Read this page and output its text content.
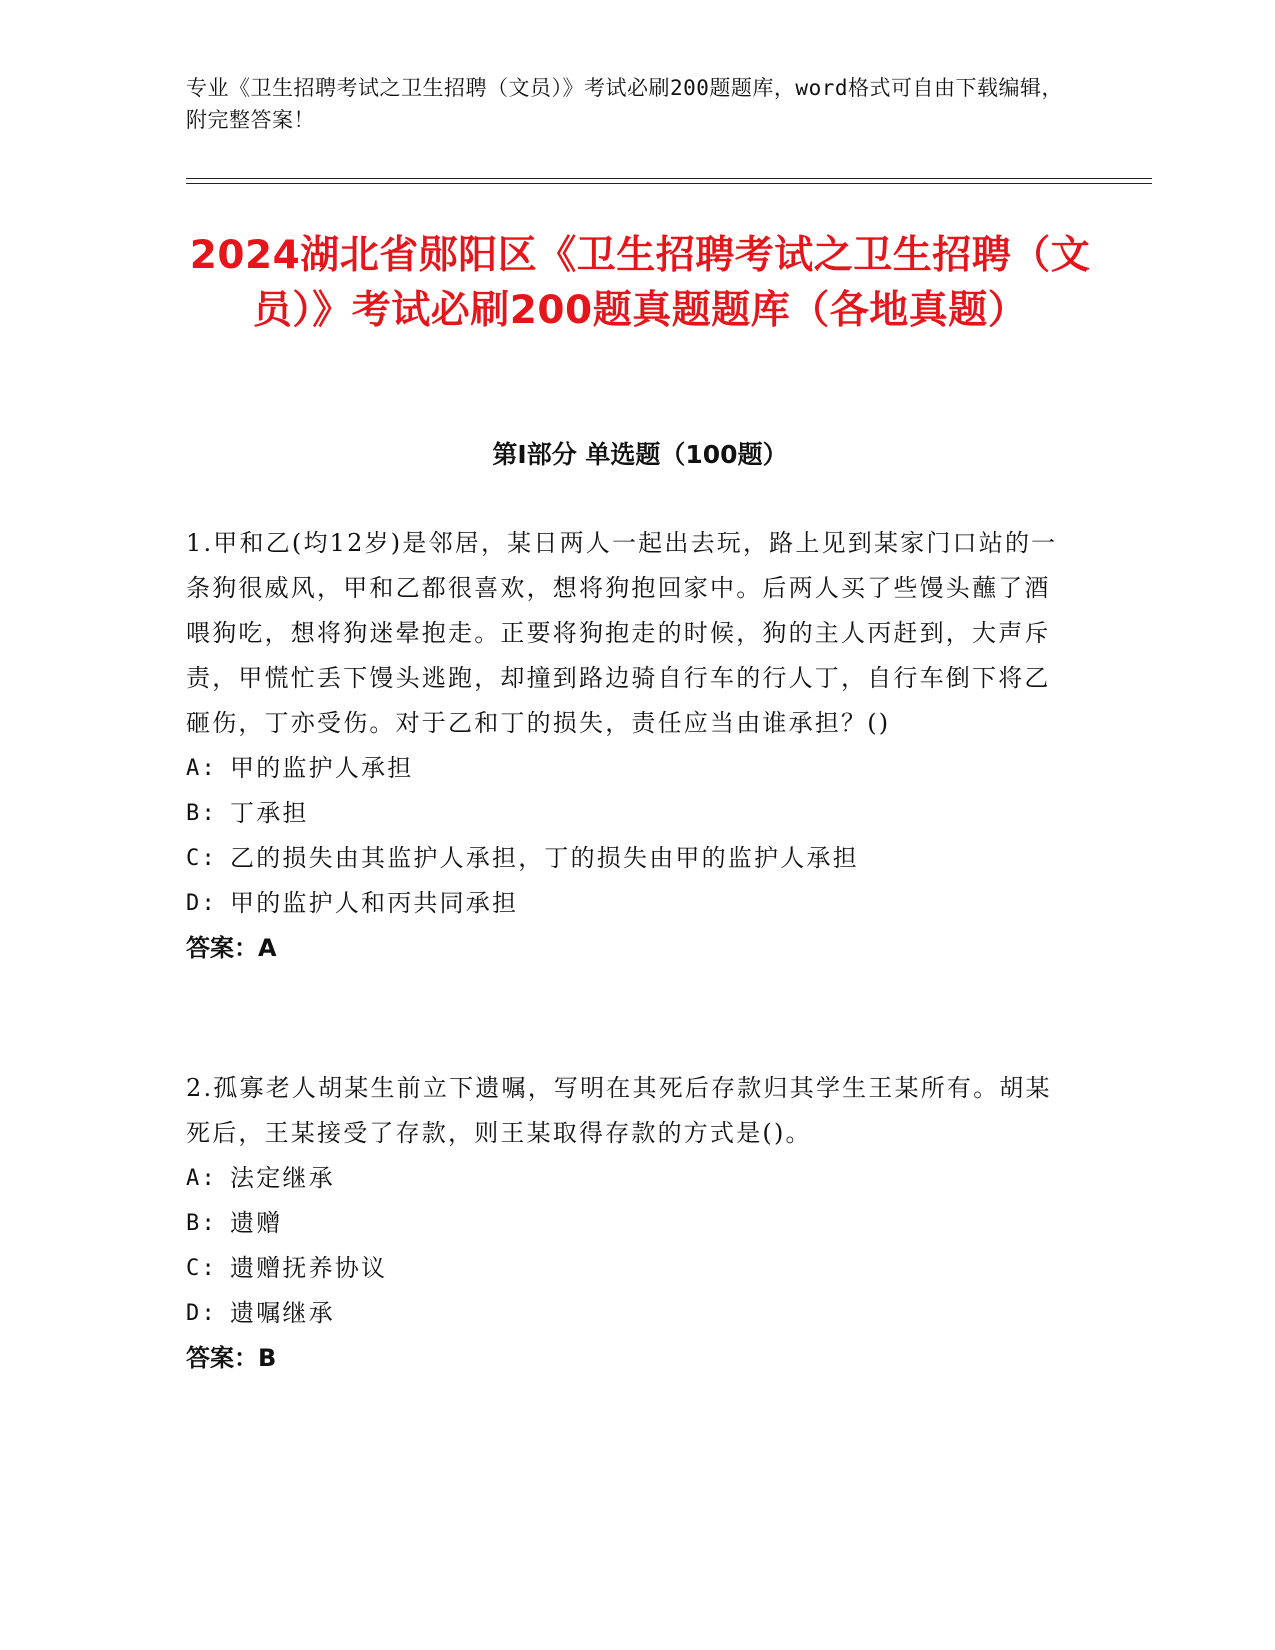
专业《卫生招聘考试之卫生招聘（文员）》考试必刷200题题库，word格式可自由下载编辑，附完整答案！
2024湖北省郧阳区《卫生招聘考试之卫生招聘（文员）》考试必刷200题真题题库（各地真题）
第Ⅰ部分 单选题（100题）

1.甲和乙(均12岁)是邻居，某日两人一起出去玩，路上见到某家门口站的一条狗很威风，甲和乙都很喜欢，想将狗抱回家中。后两人买了些馒头蘸了酒喂狗吃，想将狗迷晕抱走。正要将狗抱走的时候，狗的主人丙赶到，大声斥责，甲慌忙丢下馒头逃跑，却撞到路边骑自行车的行人丁，自行车倒下将乙砸伤，丁亦受伤。对于乙和丁的损失，责任应当由谁承担？()

A: 甲的监护人承担

B: 丁承担

C: 乙的损失由其监护人承担，丁的损失由甲的监护人承担

D: 甲的监护人和丙共同承担

答案：A

2.孤寡老人胡某生前立下遗嘱，写明在其死后存款归其学生王某所有。胡某死后，王某接受了存款，则王某取得存款的方式是()。

A: 法定继承

B: 遗赠

C: 遗赠抚养协议

D: 遗嘱继承

答案：B
